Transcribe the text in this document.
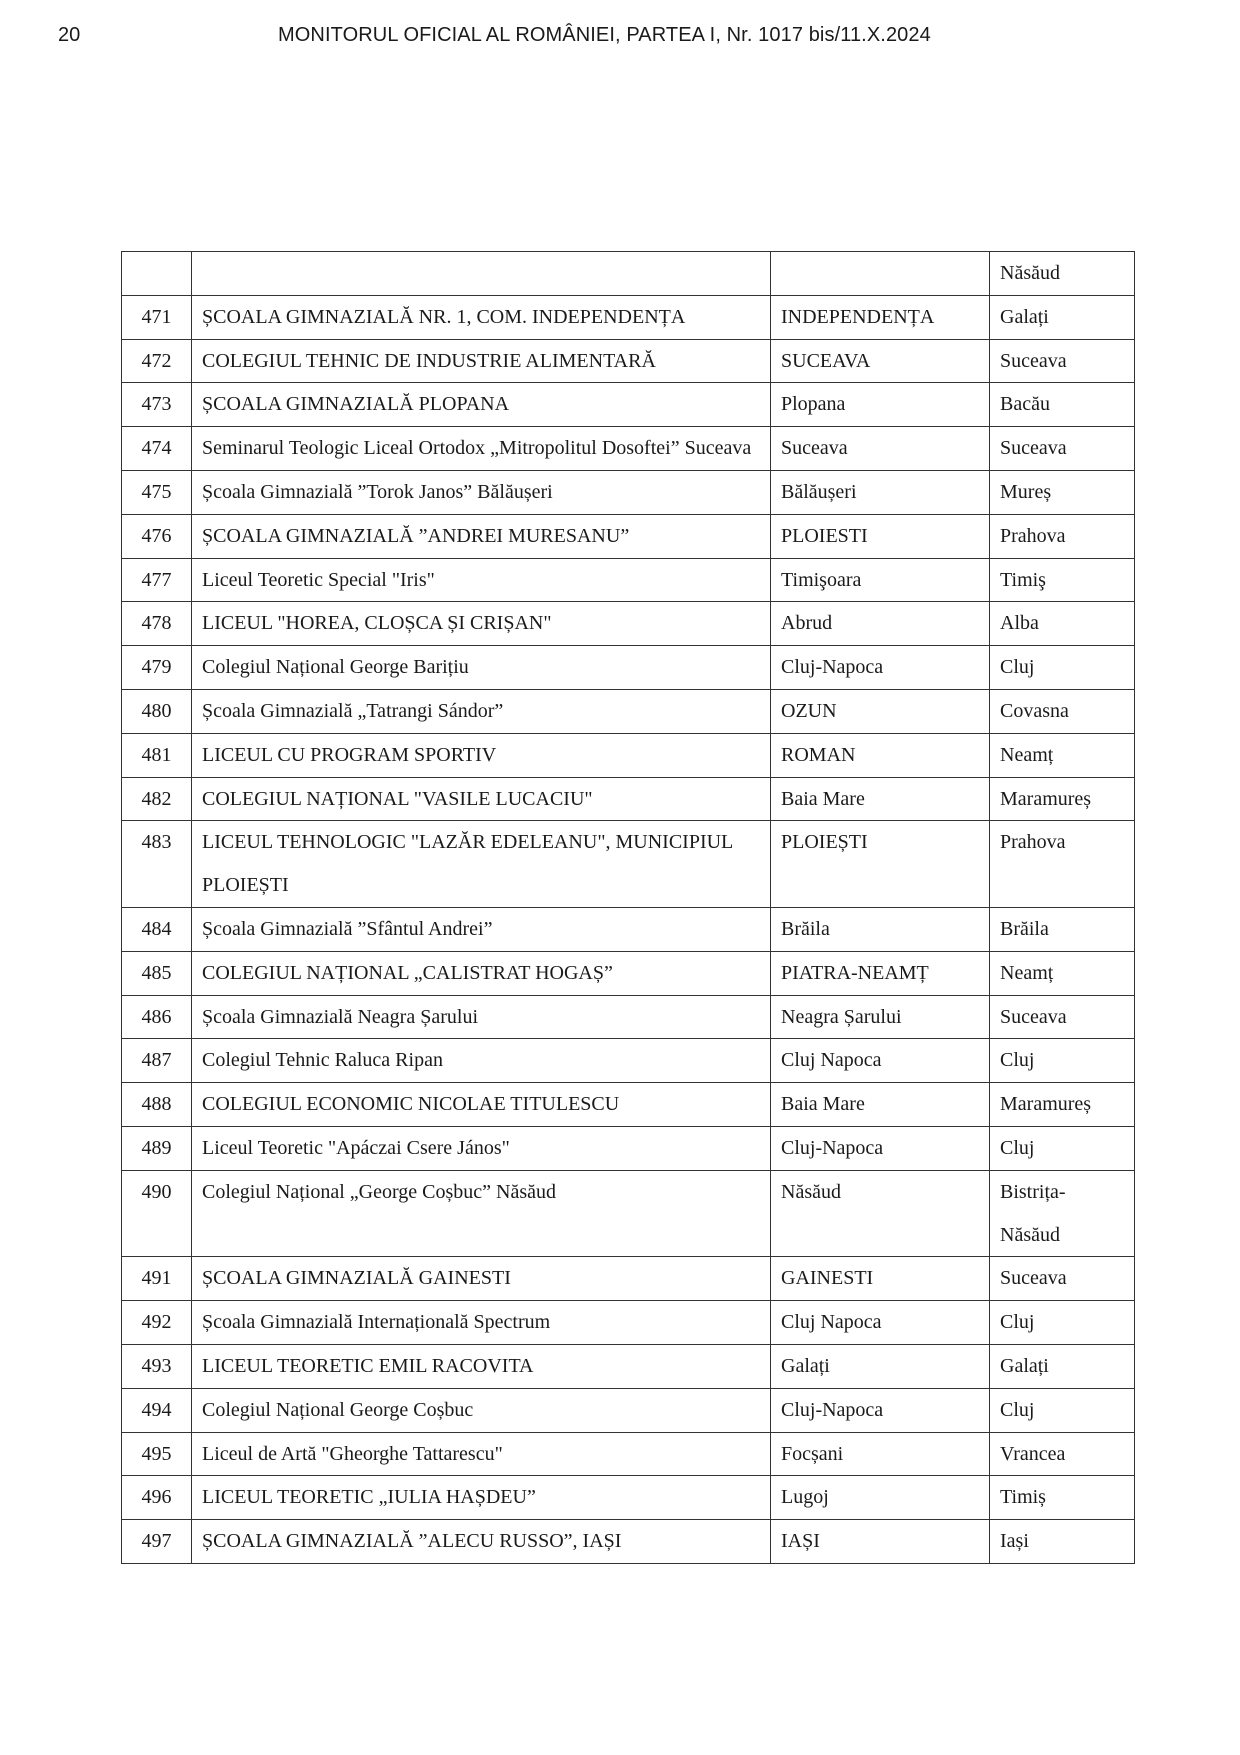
20	MONITORUL OFICIAL AL ROMÂNIEI, PARTEA I, Nr. 1017 bis/11.X.2024
			Năsăud
471	ȘCOALA GIMNAZIALĂ NR. 1, COM. INDEPENDENȚA	INDEPENDENȚA	Galați
472	COLEGIUL TEHNIC DE INDUSTRIE ALIMENTARĂ	SUCEAVA	Suceava
473	ȘCOALA GIMNAZIALĂ PLOPANA	Plopana	Bacău
474	Seminarul Teologic Liceal Ortodox „Mitropolitul Dosoftei” Suceava	Suceava	Suceava
475	Școala Gimnazială ”Torok Janos” Bălăușeri	Bălăușeri	Mureș
476	ȘCOALA GIMNAZIALĂ ”ANDREI MURESANU”	PLOIESTI	Prahova
477	Liceul Teoretic Special "Iris"	Timişoara	Timiş
478	LICEUL "HOREA, CLOȘCA ȘI CRIȘAN"	Abrud	Alba
479	Colegiul Național George Barițiu	Cluj-Napoca	Cluj
480	Școala Gimnazială „Tatrangi Sándor”	OZUN	Covasna
481	LICEUL CU PROGRAM SPORTIV	ROMAN	Neamț
482	COLEGIUL NAȚIONAL "VASILE LUCACIU"	Baia Mare	Maramureș
483	LICEUL TEHNOLOGIC "LAZĂR EDELEANU", MUNICIPIUL PLOIEȘTI	PLOIEȘTI	Prahova
484	Școala Gimnazială ”Sfântul Andrei”	Brăila	Brăila
485	COLEGIUL NAȚIONAL „CALISTRAT HOGAȘ”	PIATRA-NEAMȚ	Neamț
486	Școala Gimnazială Neagra Șarului	Neagra Șarului	Suceava
487	Colegiul Tehnic Raluca Ripan	Cluj Napoca	Cluj
488	COLEGIUL ECONOMIC NICOLAE TITULESCU	Baia Mare	Maramureș
489	Liceul Teoretic "Apáczai Csere János"	Cluj-Napoca	Cluj
490	Colegiul Național „George Coșbuc” Năsăud	Năsăud	Bistrița-Năsăud
491	ȘCOALA GIMNAZIALĂ GAINESTI	GAINESTI	Suceava
492	Școala Gimnazială Internațională Spectrum	Cluj Napoca	Cluj
493	LICEUL TEORETIC EMIL RACOVITA	Galați	Galați
494	Colegiul Național George Coșbuc	Cluj-Napoca	Cluj
495	Liceul de Artă "Gheorghe Tattarescu"	Focșani	Vrancea
496	LICEUL TEORETIC „IULIA HAȘDEU”	Lugoj	Timiș
497	ȘCOALA GIMNAZIALĂ ”ALECU RUSSO”, IAȘI	IAȘI	Iași
